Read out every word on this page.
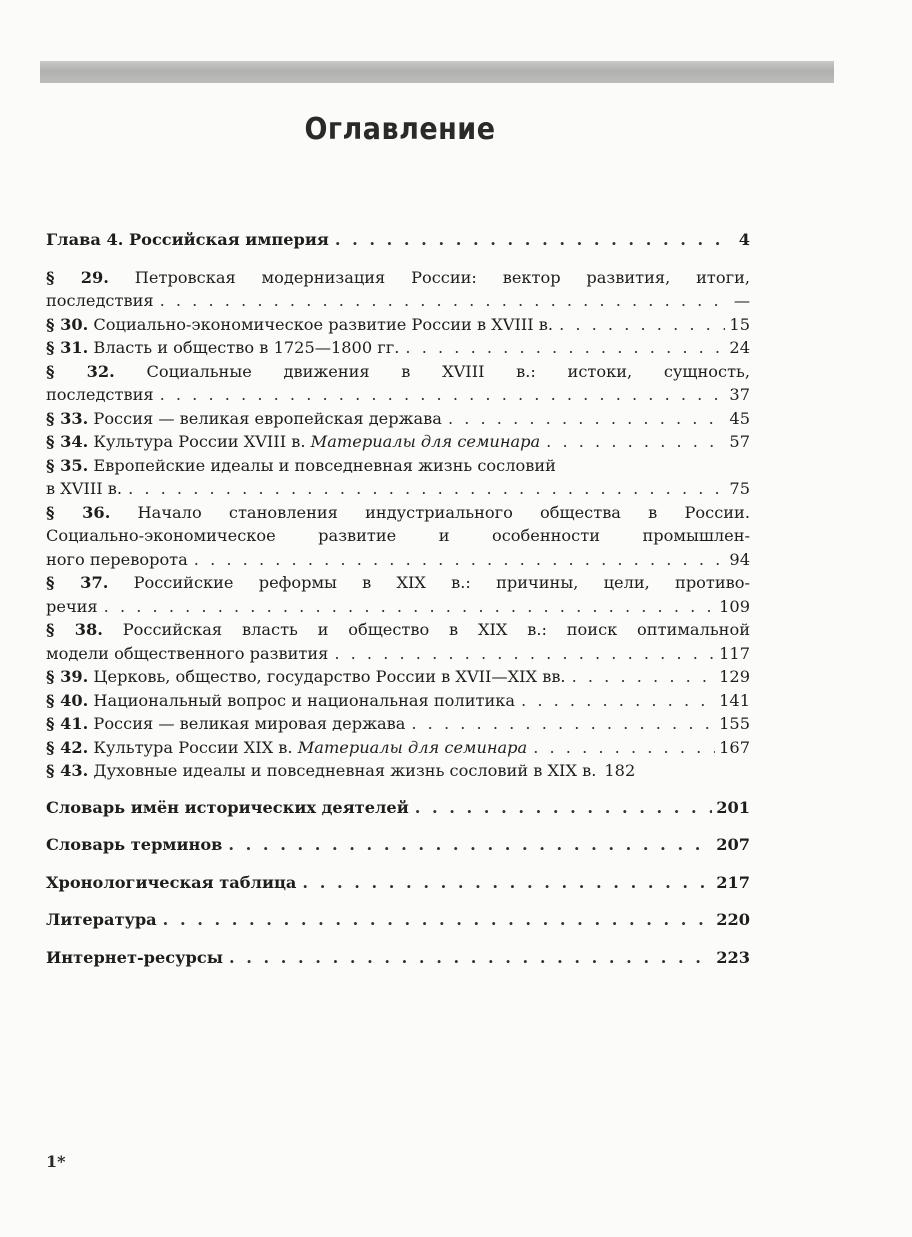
Оглавление
Глава 4. Российская империя . . .	4
§ 29. Петровская модернизация России: вектор развития, итоги,
последствия . . .	—
§ 30. Социально-экономическое развитие России в XVIII в. . . .	15
§ 31. Власть и общество в 1725—1800 гг. . . .	24
§ 32. Социальные движения в XVIII в.: истоки, сущность,
последствия . . .	37
§ 33. Россия — великая европейская держава . . .	45
§ 34. Культура России XVIII в. Материалы для семинара . . .	57
§ 35. Европейские идеалы и повседневная жизнь сословий
в XVIII в. . . .	75
§ 36. Начало становления индустриального общества в России.
Социально-экономическое развитие и особенности промышлен-
ного переворота . . .	94
§ 37. Российские реформы в XIX в.: причины, цели, противо-
речия . . .	109
§ 38. Российская власть и общество в XIX в.: поиск оптимальной
модели общественного развития . . .	117
§ 39. Церковь, общество, государство России в XVII—XIX вв. . . .	129
§ 40. Национальный вопрос и национальная политика . . .	141
§ 41. Россия — великая мировая держава . . .	155
§ 42. Культура России XIX в. Материалы для семинара . . .	167
§ 43. Духовные идеалы и повседневная жизнь сословий в XIX в. 182
Словарь имён исторических деятелей . . .	201
Словарь терминов . . .	207
Хронологическая таблица . . .	217
Литература . . .	220
Интернет-ресурсы . . .	223
1*
